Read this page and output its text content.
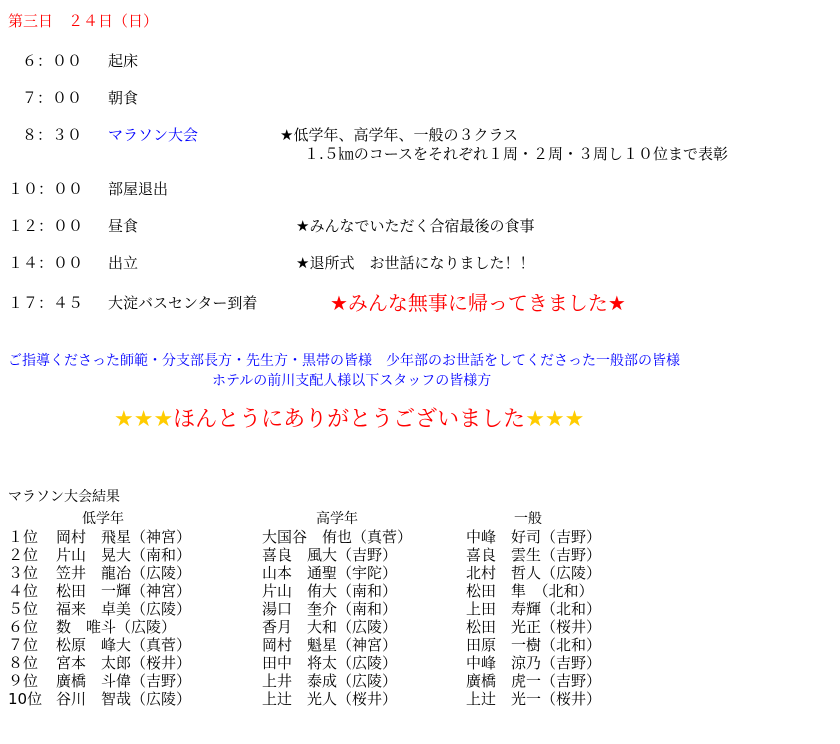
第三日　２４日（日）
６：００ 起床
７：００ 朝食
８：３０ マラソン大会	★低学年、高学年、一般の３クラス
１.５㎞のコースをそれぞれ１周・２周・３周し１０位まで表彰
１０：００ 部屋退出
１２：００ 昼食	★みんなでいただく合宿最後の食事
１４：００ 出立	★退所式　お世話になりました！！
１７：４５ 大淀バスセンター到着	★みんな無事に帰ってきました★
ご指導くださった師範・分支部長方・先生方・黒帯の皆様　少年部のお世話をしてくださった一般部の皆様
ホテルの前川支配人様以下スタッフの皆様方
★★★ほんとうにありがとうございました★★★
マラソン大会結果
低学年	高学年	一般
１位 岡村　飛星（神宮）	大国谷　侑也（真菅）	中峰　好司（吉野）
２位 片山　晃大（南和）	喜良　風大（吉野）	喜良　雲生（吉野）
３位 笠井　龍冶（広陵）	山本　通聖（宇陀）	北村　哲人（広陵）
４位 松田　一輝（神宮）	片山　侑大（南和）	松田　隼　（北和）
５位 福来　卓美（広陵）	湯口　奎介（南和）	上田　寿輝（北和）
６位 数　唯斗（広陵）	香月　大和（広陵）	松田　光正（桜井）
７位 松原　峰大（真菅）	岡村　魁星（神宮）	田原　一樹（北和）
８位 宮本　太郎（桜井）	田中　将太（広陵）	中峰　涼乃（吉野）
９位 廣橋　斗偉（吉野）	上井　泰成（広陵）	廣橋　虎一（吉野）
10位 谷川　智哉（広陵）	上辻　光人（桜井）	上辻　光一（桜井）
